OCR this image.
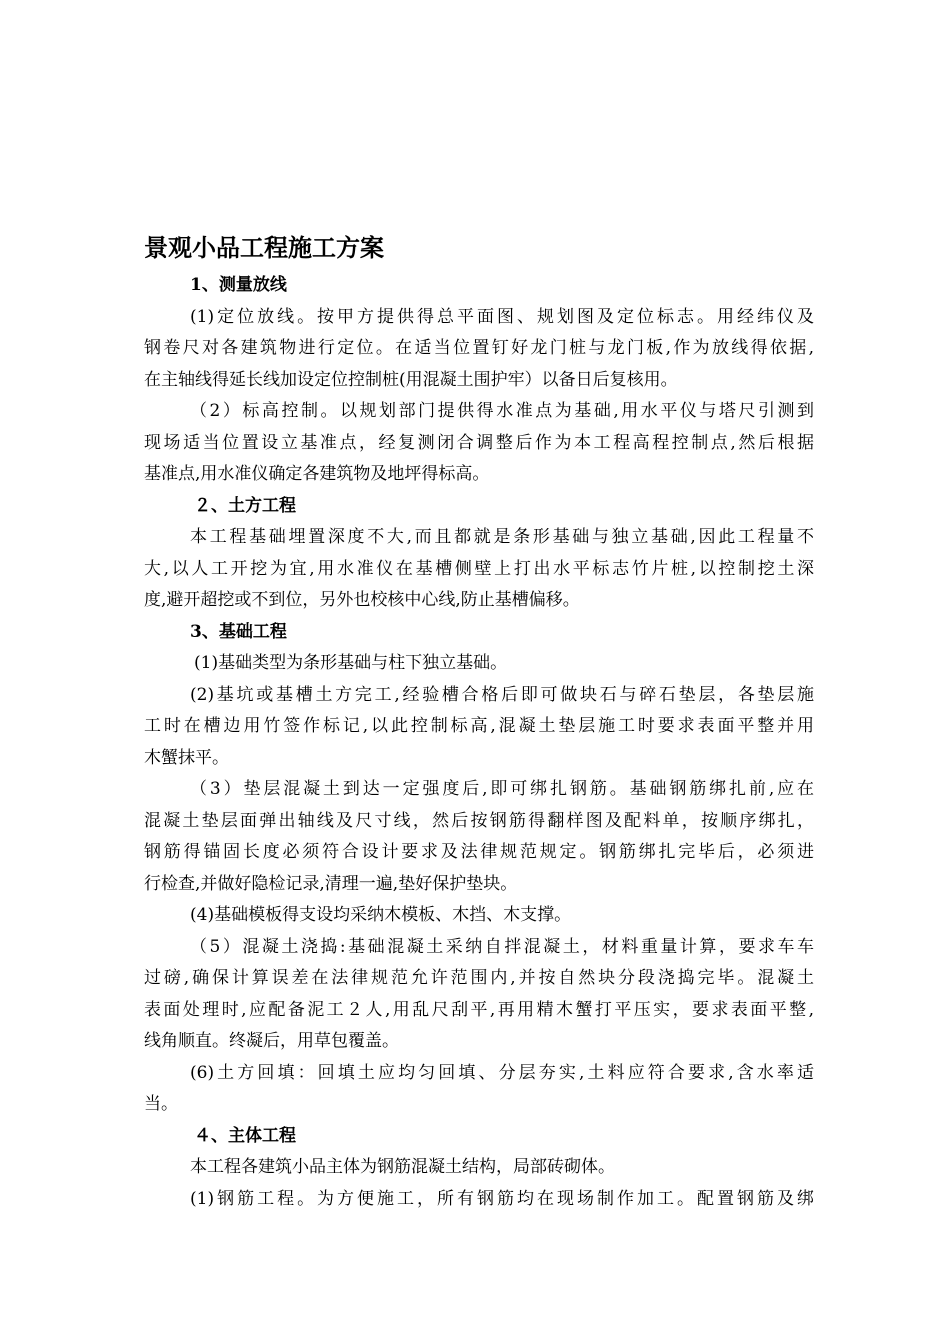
景观小品工程施工方案
1、测量放线
(1)定位放线。按甲方提供得总平面图、规划图及定位标志。用经纬仪及
钢卷尺对各建筑物进行定位。在适当位置钉好龙门桩与龙门板,作为放线得依据,
在主轴线得延长线加设定位控制桩(用混凝土围护牢）以备日后复核用。
（2）标高控制。以规划部门提供得水准点为基础,用水平仪与塔尺引测到
现场适当位置设立基准点，经复测闭合调整后作为本工程高程控制点,然后根据
基准点,用水准仪确定各建筑物及地坪得标高。
２、土方工程
本工程基础埋置深度不大,而且都就是条形基础与独立基础,因此工程量不
大,以人工开挖为宜,用水准仪在基槽侧壁上打出水平标志竹片桩,以控制挖土深
度,避开超挖或不到位，另外也校核中心线,防止基槽偏移。
3、基础工程
(1)基础类型为条形基础与柱下独立基础。
(2)基坑或基槽土方完工,经验槽合格后即可做块石与碎石垫层，各垫层施
工时在槽边用竹签作标记,以此控制标高,混凝土垫层施工时要求表面平整并用
木蟹抹平。
（3）垫层混凝土到达一定强度后,即可绑扎钢筋。基础钢筋绑扎前,应在
混凝土垫层面弹出轴线及尺寸线，然后按钢筋得翻样图及配料单，按顺序绑扎，
钢筋得锚固长度必须符合设计要求及法律规范规定。钢筋绑扎完毕后，必须进
行检查,并做好隐检记录,清理一遍,垫好保护垫块。
(4)基础模板得支设均采纳木模板、木挡、木支撑。
（5）混凝土浇捣:基础混凝土采纳自拌混凝土，材料重量计算，要求车车
过磅,确保计算误差在法律规范允许范围内,并按自然块分段浇捣完毕。混凝土
表面处理时,应配备泥工２人,用乱尺刮平,再用精木蟹打平压实，要求表面平整,
线角顺直。终凝后，用草包覆盖。
(6)土方回填：回填土应均匀回填、分层夯实,土料应符合要求,含水率适
当。
４、主体工程
本工程各建筑小品主体为钢筋混凝土结构，局部砖砌体。
(1)钢筋工程。为方便施工，所有钢筋均在现场制作加工。配置钢筋及绑
